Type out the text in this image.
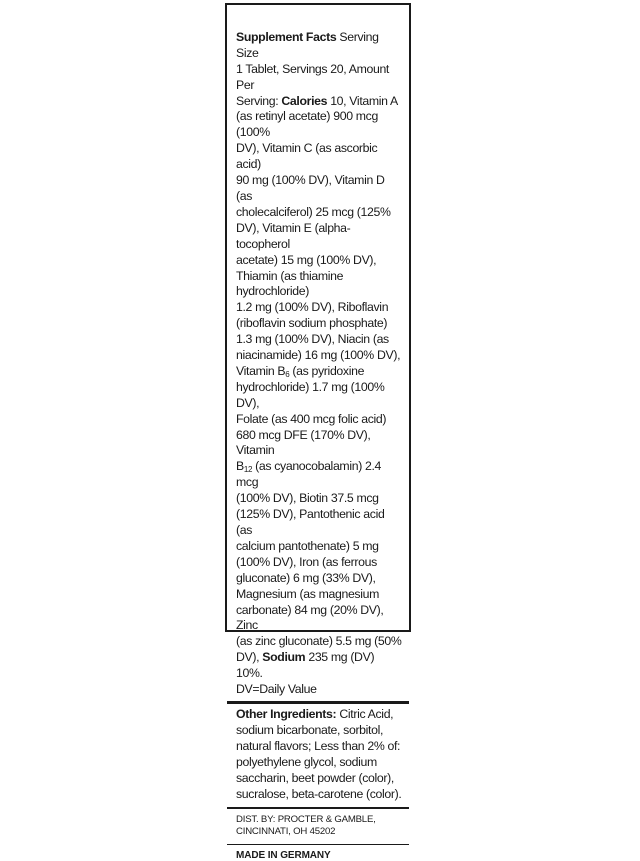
Supplement Facts Serving Size
1 Tablet, Servings 20, Amount Per
Serving: Calories 10, Vitamin A
(as retinyl acetate) 900 mcg (100%
DV), Vitamin C (as ascorbic acid)
90 mg (100% DV), Vitamin D (as
cholecalciferol) 25 mcg (125%
DV), Vitamin E (alpha-tocopherol
acetate) 15 mg (100% DV),
Thiamin (as thiamine hydrochloride)
1.2 mg (100% DV), Riboflavin
(riboflavin sodium phosphate)
1.3 mg (100% DV), Niacin (as
niacinamide) 16 mg (100% DV),
Vitamin $B_6$ (as pyridoxine
hydrochloride) 1.7 mg (100% DV),
Folate (as 400 mcg folic acid)
680 mcg DFE (170% DV), Vitamin
$B_{12}$ (as cyanocobalamin) 2.4 mcg
(100% DV), Biotin 37.5 mcg
(125% DV), Pantothenic acid (as
calcium pantothenate) 5 mg
(100% DV), Iron (as ferrous
gluconate) 6 mg (33% DV),
Magnesium (as magnesium
carbonate) 84 mg (20% DV), Zinc
(as zinc gluconate) 5.5 mg (50%
DV), Sodium 235 mg (DV) 10%.
DV=Daily Value

Other Ingredients: Citric Acid,
sodium bicarbonate, sorbitol,
natural flavors; Less than 2% of:
polyethylene glycol, sodium
saccharin, beet powder (color),
sucralose, beta-carotene (color).

DIST. BY: PROCTER & GAMBLE,
CINCINNATI, OH 45202

MADE IN GERMANY
